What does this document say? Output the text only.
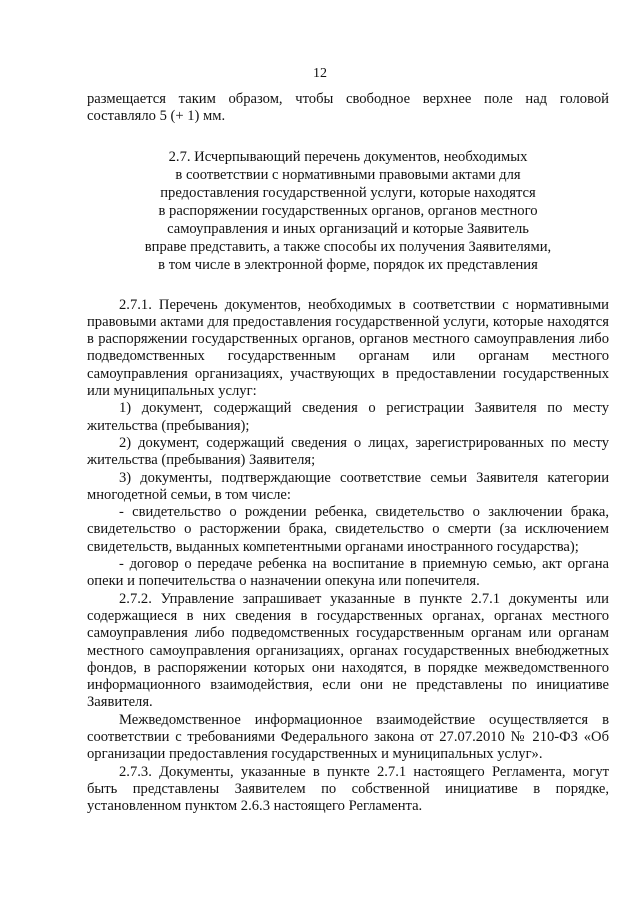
12

размещается таким образом, чтобы свободное верхнее поле над головой составляло 5 (+ 1) мм.

2.7. Исчерпывающий перечень документов, необходимых
в соответствии с нормативными правовыми актами для
предоставления государственной услуги, которые находятся
в распоряжении государственных органов, органов местного
самоуправления и иных организаций и которые Заявитель
вправе представить, а также способы их получения Заявителями,
в том числе в электронной форме, порядок их представления

2.7.1. Перечень документов, необходимых в соответствии с нормативными правовыми актами для предоставления государственной услуги, которые находятся в распоряжении государственных органов, органов местного самоуправления либо подведомственных государственным органам или органам местного самоуправления организациях, участвующих в предоставлении государственных или муниципальных услуг:

1) документ, содержащий сведения о регистрации Заявителя по месту жительства (пребывания);

2) документ, содержащий сведения о лицах, зарегистрированных по месту жительства (пребывания) Заявителя;

3) документы, подтверждающие соответствие семьи Заявителя категории многодетной семьи, в том числе:

- свидетельство о рождении ребенка, свидетельство о заключении брака, свидетельство о расторжении брака, свидетельство о смерти (за исключением свидетельств, выданных компетентными органами иностранного государства);

- договор о передаче ребенка на воспитание в приемную семью, акт органа опеки и попечительства о назначении опекуна или попечителя.

2.7.2. Управление запрашивает указанные в пункте 2.7.1 документы или содержащиеся в них сведения в государственных органах, органах местного самоуправления либо подведомственных государственным органам или органам местного самоуправления организациях, органах государственных внебюджетных фондов, в распоряжении которых они находятся, в порядке межведомственного информационного взаимодействия, если они не представлены по инициативе Заявителя.

Межведомственное информационное взаимодействие осуществляется в соответствии с требованиями Федерального закона от 27.07.2010 № 210-ФЗ «Об организации предоставления государственных и муниципальных услуг».

2.7.3. Документы, указанные в пункте 2.7.1 настоящего Регламента, могут быть представлены Заявителем по собственной инициативе в порядке, установленном пунктом 2.6.3 настоящего Регламента.
